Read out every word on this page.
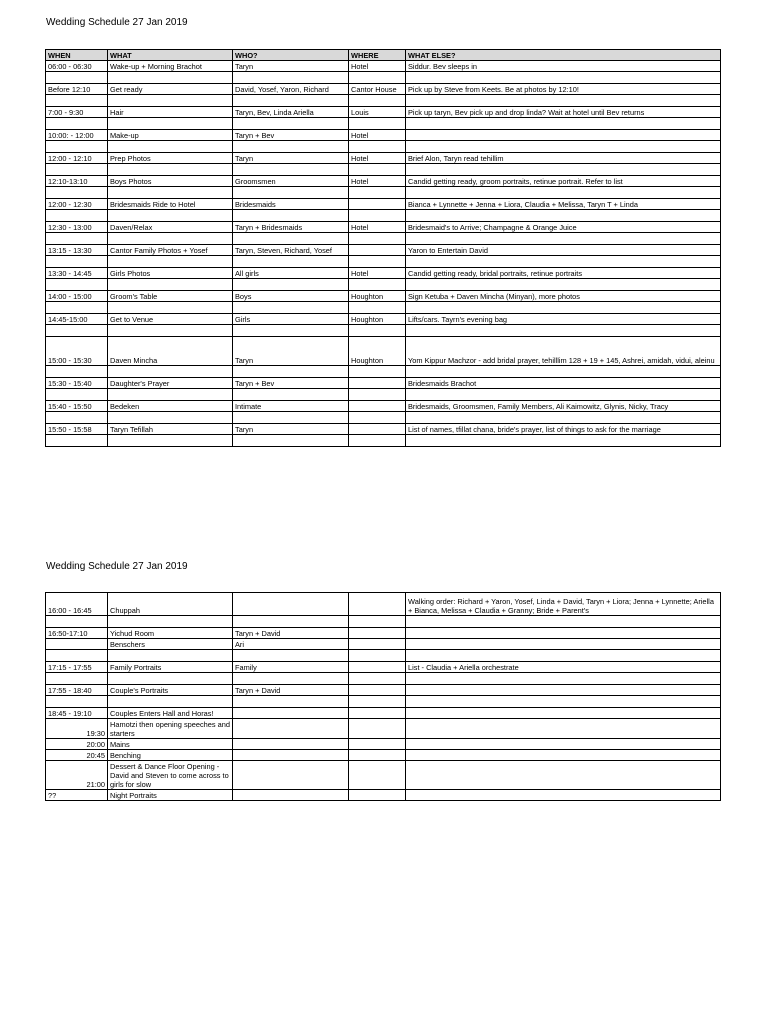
Wedding Schedule 27 Jan 2019
WHEN	WHAT	WHO?	WHERE	WHAT ELSE?
06:00 - 06:30	Wake-up + Morning Brachot	Taryn	Hotel	Siddur. Bev sleeps in

Before 12:10	Get ready	David, Yosef, Yaron, Richard	Cantor House	Pick up by Steve from Keets. Be at photos by 12:10!

7:00 - 9:30	Hair	Taryn, Bev, Linda Ariella	Louis	Pick up taryn, Bev pick up and drop linda? Wait at hotel until Bev returns

10:00: - 12:00	Make-up	Taryn + Bev	Hotel	

12:00 - 12:10	Prep Photos	Taryn	Hotel	Brief Alon, Taryn read tehillim

12:10-13:10	Boys Photos	Groomsmen	Hotel	Candid getting ready, groom portraits, retinue portrait. Refer to list

12:00 - 12:30	Bridesmaids Ride to Hotel	Bridesmaids		Bianca + Lynnette + Jenna + Liora, Claudia + Melissa, Taryn T + Linda

12:30 - 13:00	Daven/Relax	Taryn + Bridesmaids	Hotel	Bridesmaid's to Arrive; Champagne & Orange Juice

13:15 - 13:30	Cantor Family Photos + Yosef	Taryn, Steven, Richard, Yosef		Yaron to Entertain David

13:30 - 14:45	Girls Photos	All girls	Hotel	Candid getting ready, bridal portraits, retinue portraits

14:00 - 15:00	Groom's Table	Boys	Houghton	Sign Ketuba + Daven Mincha (Minyan), more photos

14:45-15:00	Get to Venue	Girls	Houghton	Lifts/cars. Tayrn's evening bag

15:00 - 15:30	Daven Mincha	Taryn	Houghton	Yom Kippur Machzor - add bridal prayer, tehilllim 128 + 19 + 145, Ashrei, amidah, vidui, aleinu

15:30 - 15:40	Daughter's Prayer	Taryn + Bev		Bridesmaids Brachot

15:40 - 15:50	Bedeken	Intimate		Bridesmaids, Groomsmen, Family Members, Ali Kaimowitz, Glynis, Nicky, Tracy

15:50 - 15:58	Taryn Tefillah	Taryn		List of names, tfillat chana, bride's prayer, list of things to ask for the marriage

Wedding Schedule 27 Jan 2019
16:00 - 16:45	Chuppah			Walking order: Richard + Yaron, Yosef, Linda + David, Taryn + Liora; Jenna + Lynnette; Ariella + Bianca, Melissa + Claudia + Granny; Bride + Parent's

16:50-17:10	Yichud Room	Taryn + David		
	Benschers	Ari		

17:15 - 17:55	Family Portraits	Family		List - Claudia + Ariella orchestrate

17:55 - 18:40	Couple's Portraits	Taryn + David		

18:45 - 19:10	Couples Enters Hall and Horas!			
19:30	Hamotzi then opening speeches and starters			
20:00	Mains			
20:45	Benching			
21:00	Dessert & Dance Floor Opening - David and Steven to come across to girls for slow			
??	Night Portraits			
